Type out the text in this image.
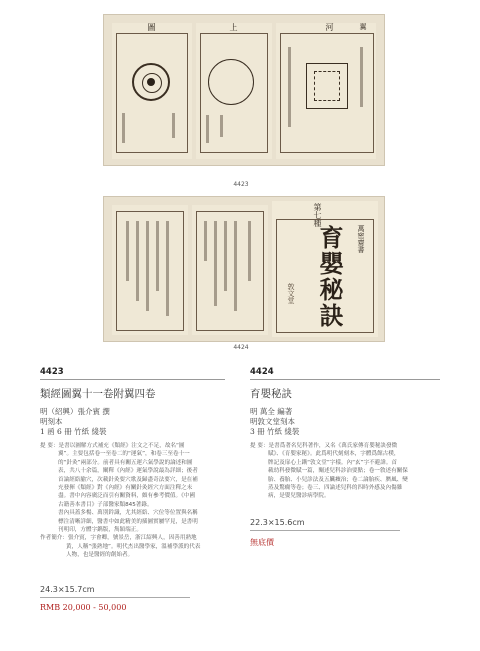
圖	上	河	翼
4423
第七種
育嬰秘訣	萬密齋書
敦文堂
4424
4423
類經圖翼十一卷附翼四卷
明（紹興）張介賓 撰
明刻本
1 函 6 冊 竹紙 綫裝
提 要：是書以圖解方式補充《類經》注文之不足，故名“圖
翼”。主要包括卷一至卷二的“運氣”，和卷三至卷十一
的“針灸”兩部分。前者具有關五運六氣學說的論述和圖
表，共八十余篇，闡釋《內經》運氣學說最為詳細；後者
首論經絡腧穴，次載針灸要穴歌及歸盡奇法要穴，是在補
充發揮《類經》對《內經》有關針灸經穴方面注釋之未
盡。書中內容廣泛而引有關資料，頗有參考價值。《中國
古籍善本書目》子部醫家類845著錄。
書內具蓋多楊、萬別鈐識，尤其經絡、穴位等位置與名稱
標注清晰詳細，醫書中如此精美的插圖實屬罕見，是書明
刊明印，方體字鐫版，雋穎端正。
作者簡介：張介賓，字會卿，號景岳，浙江紹興人，因善用熟地
黃，人稱“張熟地”。明代杰出醫學家，溫補學派的代表
人物，也是醫經的創始者。
24.3×15.7cm
RMB 20,000 - 50,000
4424
育嬰秘訣
明 萬全 編著
明敦文堂刻本
3 冊 竹紙 綫裝
提 要：是書爲著名兒科著作，又名《萬氏家傳育嬰秘訣發微
賦》、《育嬰家秘》。此爲明代刻刻本，字體爲館古樸，
牌記及扉心上鐫“敦文堂”字樣。內“玄”字不避諱。首
載幼科發微賦一篇，闡述兒科診治要點；卷一敘述有關保
胎、養胎、小兒診法及五臟癥治；卷二論胎疾、臍風、變
蒸及驚癇等卷；卷三、四論述兒科的四時外感及內傷雜
病，是嬰兒醫診病學院。
22.3×15.6cm
無底價
